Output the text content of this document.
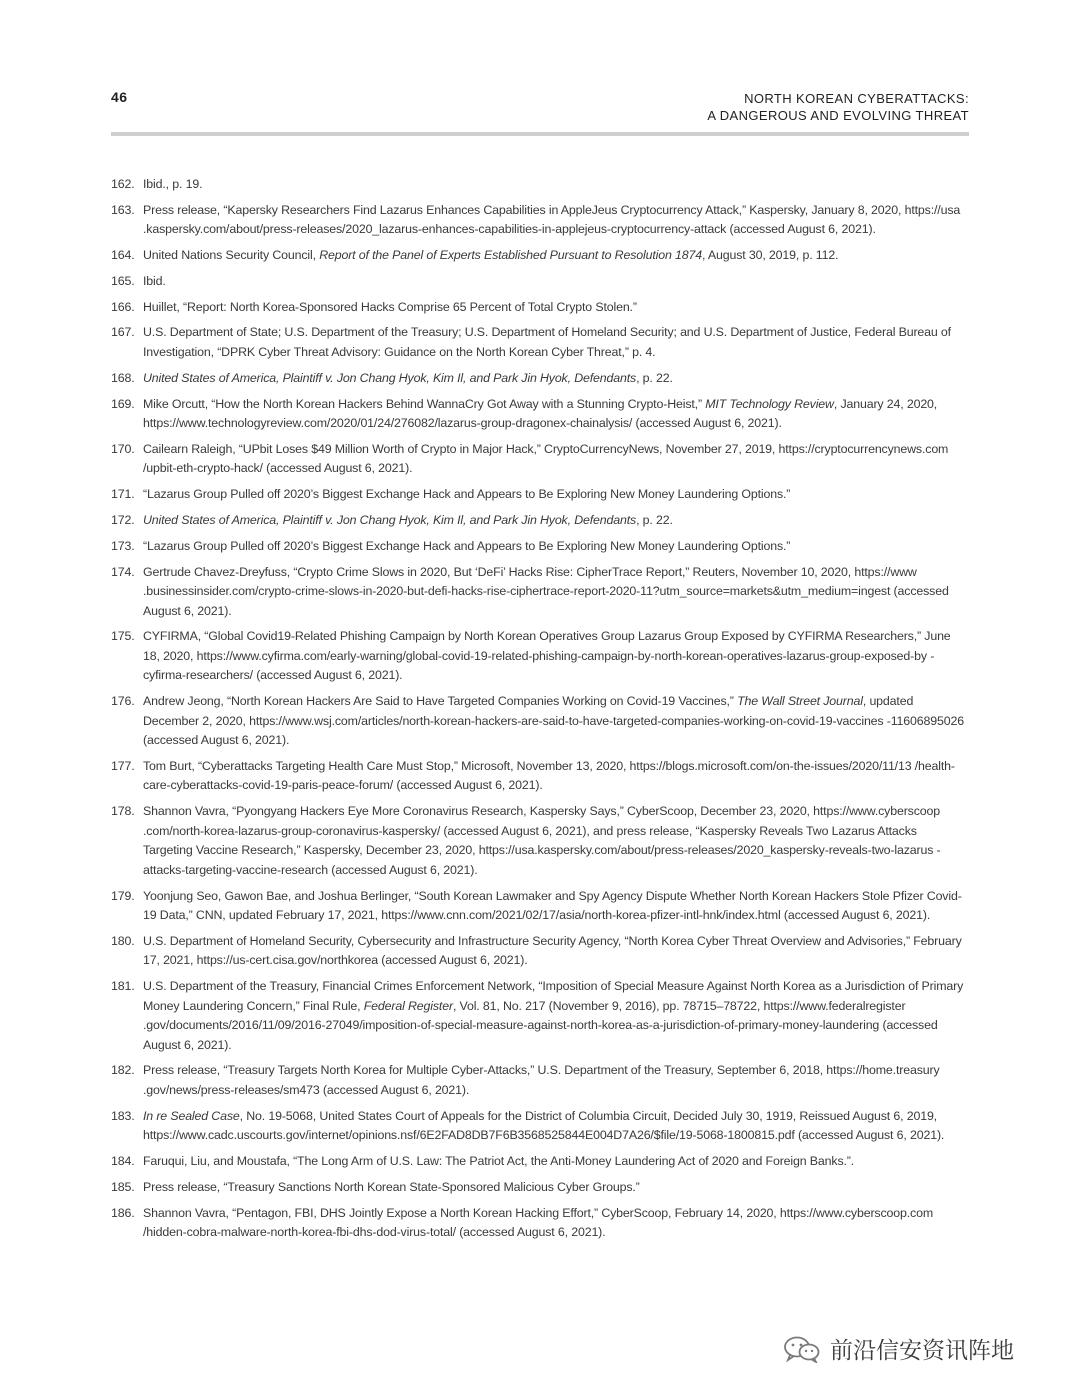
46	NORTH KOREAN CYBERATTACKS:
A DANGEROUS AND EVOLVING THREAT
162. Ibid., p. 19.
163. Press release, “Kapersky Researchers Find Lazarus Enhances Capabilities in AppleJeus Cryptocurrency Attack,” Kaspersky, January 8, 2020, https://usa .kaspersky.com/about/press-releases/2020_lazarus-enhances-capabilities-in-applejeus-cryptocurrency-attack (accessed August 6, 2021).
164. United Nations Security Council, Report of the Panel of Experts Established Pursuant to Resolution 1874, August 30, 2019, p. 112.
165. Ibid.
166. Huillet, “Report: North Korea-Sponsored Hacks Comprise 65 Percent of Total Crypto Stolen.”
167. U.S. Department of State; U.S. Department of the Treasury; U.S. Department of Homeland Security; and U.S. Department of Justice, Federal Bureau of Investigation, “DPRK Cyber Threat Advisory: Guidance on the North Korean Cyber Threat,” p. 4.
168. United States of America, Plaintiff v. Jon Chang Hyok, Kim Il, and Park Jin Hyok, Defendants, p. 22.
169. Mike Orcutt, “How the North Korean Hackers Behind WannaCry Got Away with a Stunning Crypto-Heist,” MIT Technology Review, January 24, 2020, https://www.technologyreview.com/2020/01/24/276082/lazarus-group-dragonex-chainalysis/ (accessed August 6, 2021).
170. Cailearn Raleigh, “UPbit Loses $49 Million Worth of Crypto in Major Hack,” CryptoCurrencyNews, November 27, 2019, https://cryptocurrencynews.com /upbit-eth-crypto-hack/ (accessed August 6, 2021).
171. “Lazarus Group Pulled off 2020’s Biggest Exchange Hack and Appears to Be Exploring New Money Laundering Options.”
172. United States of America, Plaintiff v. Jon Chang Hyok, Kim Il, and Park Jin Hyok, Defendants, p. 22.
173. “Lazarus Group Pulled off 2020’s Biggest Exchange Hack and Appears to Be Exploring New Money Laundering Options.”
174. Gertrude Chavez-Dreyfuss, “Crypto Crime Slows in 2020, But ‘DeFi’ Hacks Rise: CipherTrace Report,” Reuters, November 10, 2020, https://www .businessinsider.com/crypto-crime-slows-in-2020-but-defi-hacks-rise-ciphertrace-report-2020-11?utm_source=markets&utm_medium=ingest (accessed August 6, 2021).
175. CYFIRMA, “Global Covid19-Related Phishing Campaign by North Korean Operatives Group Lazarus Group Exposed by CYFIRMA Researchers,” June 18, 2020, https://www.cyfirma.com/early-warning/global-covid-19-related-phishing-campaign-by-north-korean-operatives-lazarus-group-exposed-by -cyfirma-researchers/ (accessed August 6, 2021).
176. Andrew Jeong, “North Korean Hackers Are Said to Have Targeted Companies Working on Covid-19 Vaccines,” The Wall Street Journal, updated December 2, 2020, https://www.wsj.com/articles/north-korean-hackers-are-said-to-have-targeted-companies-working-on-covid-19-vaccines -11606895026 (accessed August 6, 2021).
177. Tom Burt, “Cyberattacks Targeting Health Care Must Stop,” Microsoft, November 13, 2020, https://blogs.microsoft.com/on-the-issues/2020/11/13 /health-care-cyberattacks-covid-19-paris-peace-forum/ (accessed August 6, 2021).
178. Shannon Vavra, “Pyongyang Hackers Eye More Coronavirus Research, Kaspersky Says,” CyberScoop, December 23, 2020, https://www.cyberscoop .com/north-korea-lazarus-group-coronavirus-kaspersky/ (accessed August 6, 2021), and press release, “Kaspersky Reveals Two Lazarus Attacks Targeting Vaccine Research,” Kaspersky, December 23, 2020, https://usa.kaspersky.com/about/press-releases/2020_kaspersky-reveals-two-lazarus -attacks-targeting-vaccine-research (accessed August 6, 2021).
179. Yoonjung Seo, Gawon Bae, and Joshua Berlinger, “South Korean Lawmaker and Spy Agency Dispute Whether North Korean Hackers Stole Pfizer Covid-19 Data,” CNN, updated February 17, 2021, https://www.cnn.com/2021/02/17/asia/north-korea-pfizer-intl-hnk/index.html (accessed August 6, 2021).
180. U.S. Department of Homeland Security, Cybersecurity and Infrastructure Security Agency, “North Korea Cyber Threat Overview and Advisories,” February 17, 2021, https://us-cert.cisa.gov/northkorea (accessed August 6, 2021).
181. U.S. Department of the Treasury, Financial Crimes Enforcement Network, “Imposition of Special Measure Against North Korea as a Jurisdiction of Primary Money Laundering Concern,” Final Rule, Federal Register, Vol. 81, No. 217 (November 9, 2016), pp. 78715–78722, https://www.federalregister .gov/documents/2016/11/09/2016-27049/imposition-of-special-measure-against-north-korea-as-a-jurisdiction-of-primary-money-laundering (accessed August 6, 2021).
182. Press release, “Treasury Targets North Korea for Multiple Cyber-Attacks,” U.S. Department of the Treasury, September 6, 2018, https://home.treasury .gov/news/press-releases/sm473 (accessed August 6, 2021).
183. In re Sealed Case, No. 19-5068, United States Court of Appeals for the District of Columbia Circuit, Decided July 30, 1919, Reissued August 6, 2019, https://www.cadc.uscourts.gov/internet/opinions.nsf/6E2FAD8DB7F6B3568525844E004D7A26/$file/19-5068-1800815.pdf (accessed August 6, 2021).
184. Faruqui, Liu, and Moustafa, “The Long Arm of U.S. Law: The Patriot Act, the Anti-Money Laundering Act of 2020 and Foreign Banks.”.
185. Press release, “Treasury Sanctions North Korean State-Sponsored Malicious Cyber Groups.”
186. Shannon Vavra, “Pentagon, FBI, DHS Jointly Expose a North Korean Hacking Effort,” CyberScoop, February 14, 2020, https://www.cyberscoop.com /hidden-cobra-malware-north-korea-fbi-dhs-dod-virus-total/ (accessed August 6, 2021).
前沿信安资讯阵地
